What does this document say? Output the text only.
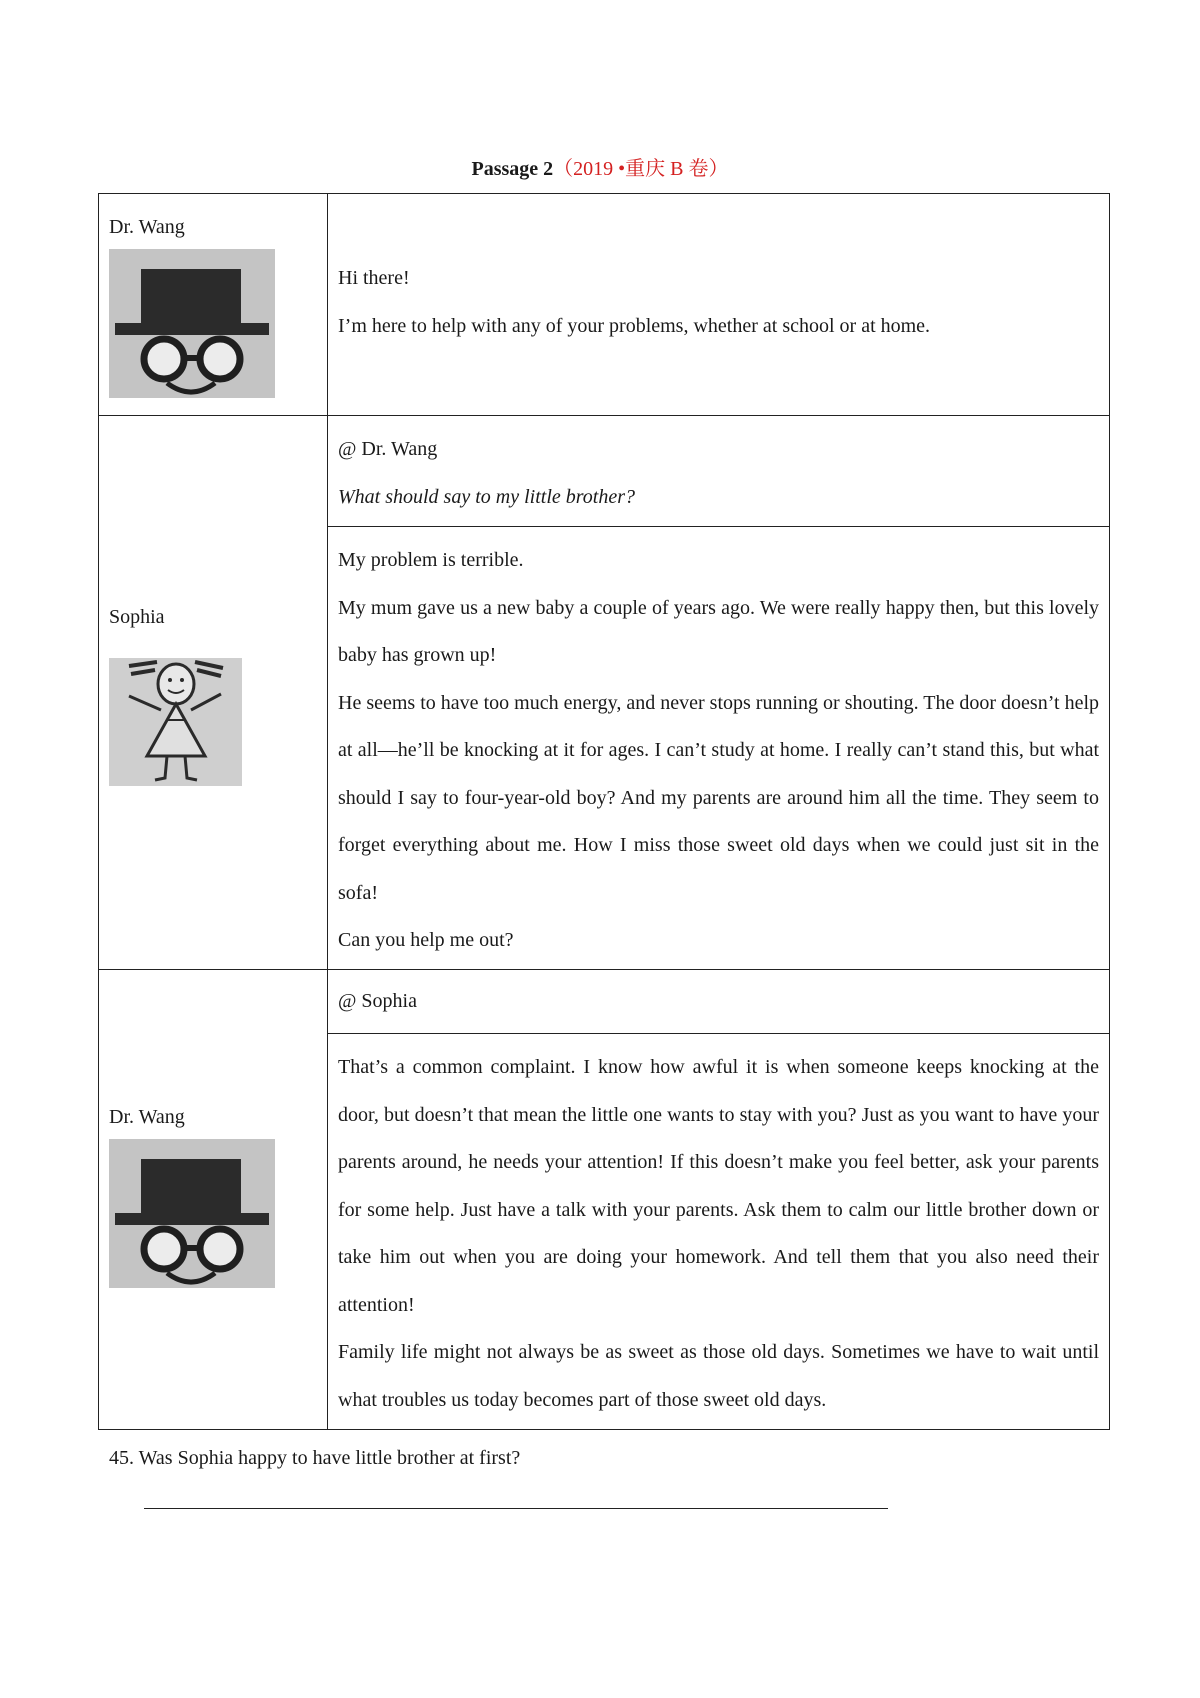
Passage 2（2019 •重庆 B 卷）
Dr. Wang	Hi there!

I’m here to help with any of your problems, whether at school or at home.

Sophia	@ Dr. Wang

What should say to my little brother?

	My problem is terrible.

My mum gave us a new baby a couple of years ago. We were really happy then, but this lovely baby has grown up!

He seems to have too much energy, and never stops running or shouting. The door doesn’t help at all—he’ll be knocking at it for ages. I can’t study at home. I really can’t stand this, but what should I say to four-year-old boy? And my parents are around him all the time. They seem to forget everything about me. How I miss those sweet old days when we could just sit in the sofa!

Can you help me out?

Dr. Wang	@ Sophia

	That’s a common complaint. I know how awful it is when someone keeps knocking at the door, but doesn’t that mean the little one wants to stay with you? Just as you want to have your parents around, he needs your attention! If this doesn’t make you feel better, ask your parents for some help. Just have a talk with your parents. Ask them to calm our little brother down or take him out when you are doing your homework. And tell them that you also need their attention!

Family life might not always be as sweet as those old days. Sometimes we have to wait until what troubles us today becomes part of those sweet old days.

45. Was Sophia happy to have little brother at first?
